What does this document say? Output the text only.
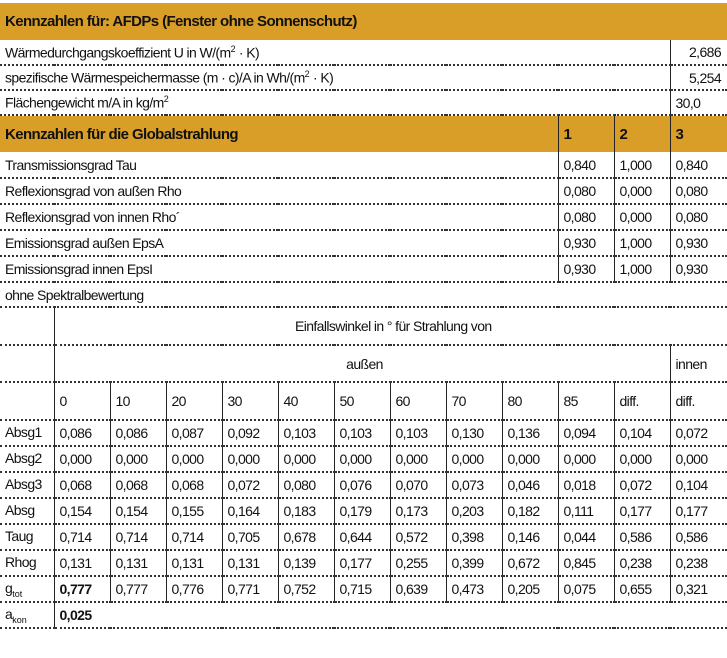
Kennzahlen für: AFDPs (Fenster ohne Sonnenschutz)												
Wärmedurchgangskoeffizient U in $W/(m^2 \cdot K)$												2,686
spezifische Wärmespeichermasse (m · c)/A in $Wh/(m^2 \cdot K)$												5,254
Flächengewicht m/A in $kg/m^2$												30,0
Kennzahlen für die Globalstrahlung										1	2	3
Transmissionsgrad Tau										0,840	1,000	0,840
Reflexionsgrad von außen Rho										0,080	0,000	0,080
Reflexionsgrad von innen Rho´										0,080	0,000	0,080
Emissionsgrad außen EpsA										0,930	1,000	0,930
Emissionsgrad innen EpsI										0,930	1,000	0,930
ohne Spektralbewertung												
	Einfallswinkel in ° für Strahlung von											
	außen											innen
	0	10	20	30	40	50	60	70	80	85	diff.	diff.
Absg1	0,086	0,086	0,087	0,092	0,103	0,103	0,103	0,130	0,136	0,094	0,104	0,072
Absg2	0,000	0,000	0,000	0,000	0,000	0,000	0,000	0,000	0,000	0,000	0,000	0,000
Absg3	0,068	0,068	0,068	0,072	0,080	0,076	0,070	0,073	0,046	0,018	0,072	0,104
Absg	0,154	0,154	0,155	0,164	0,183	0,179	0,173	0,203	0,182	0,111	0,177	0,177
Taug	0,714	0,714	0,714	0,705	0,678	0,644	0,572	0,398	0,146	0,044	0,586	0,586
Rhog	0,131	0,131	0,131	0,131	0,139	0,177	0,255	0,399	0,672	0,845	0,238	0,238
$g_{tot}$	0,777	0,777	0,776	0,771	0,752	0,715	0,639	0,473	0,205	0,075	0,655	0,321
$a_{kon}$	0,025											
